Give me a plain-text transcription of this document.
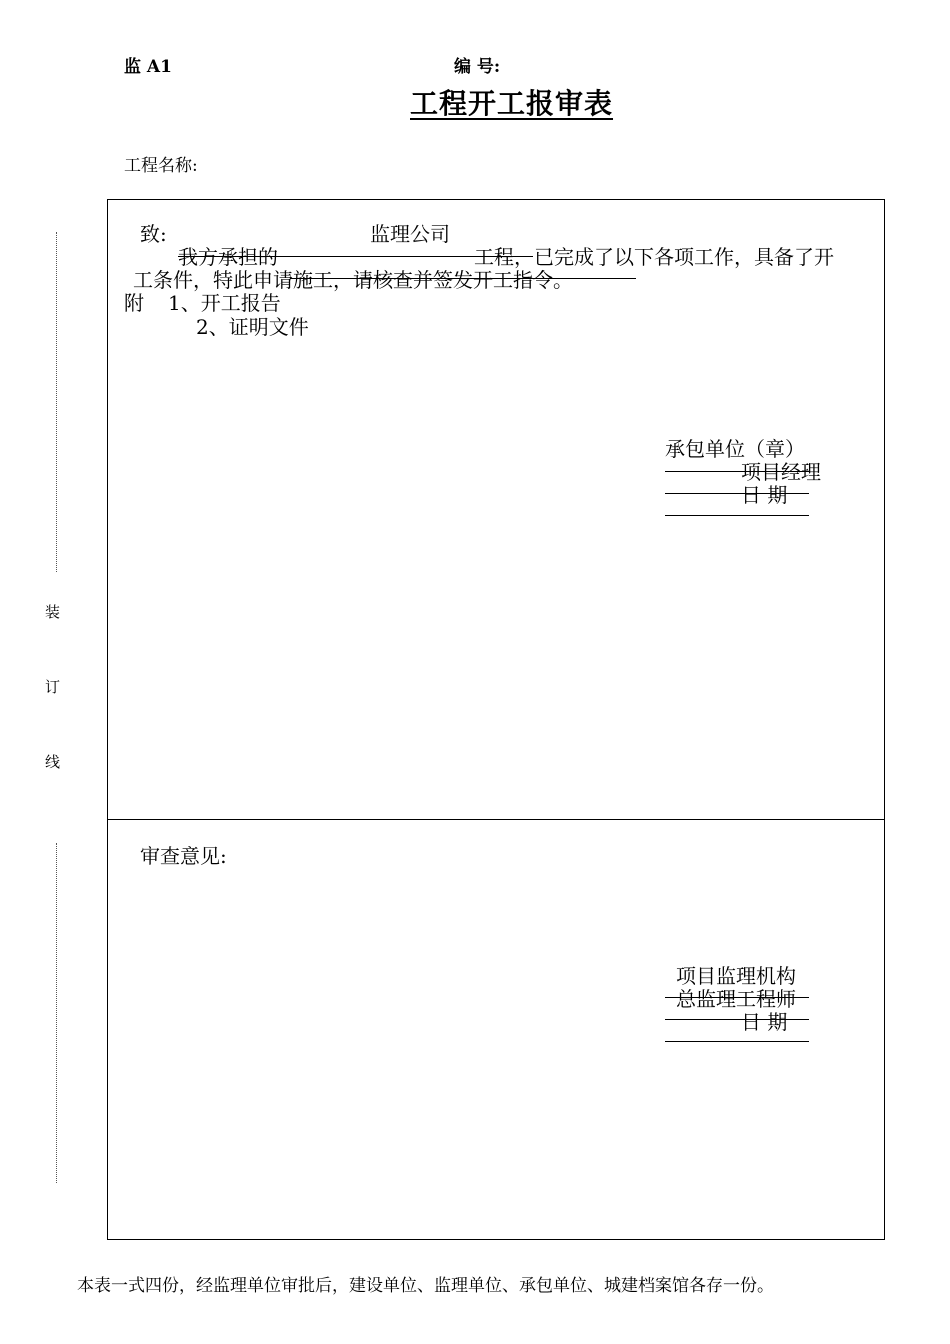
监 A1	编 号:
工程开工报审表
工程名称:
装
订
线
致:	监理公司
我方承担的	工程，已完成了以下各项工作，具备了开
工条件，特此申请施工，请核查并签发开工指令。
附 1、开工报告
2、证明文件
承包单位（章）
项目经理
日 期
审查意见:
项目监理机构
总监理工程师
日 期
本表一式四份，经监理单位审批后，建设单位、监理单位、承包单位、城建档案馆各存一份。
